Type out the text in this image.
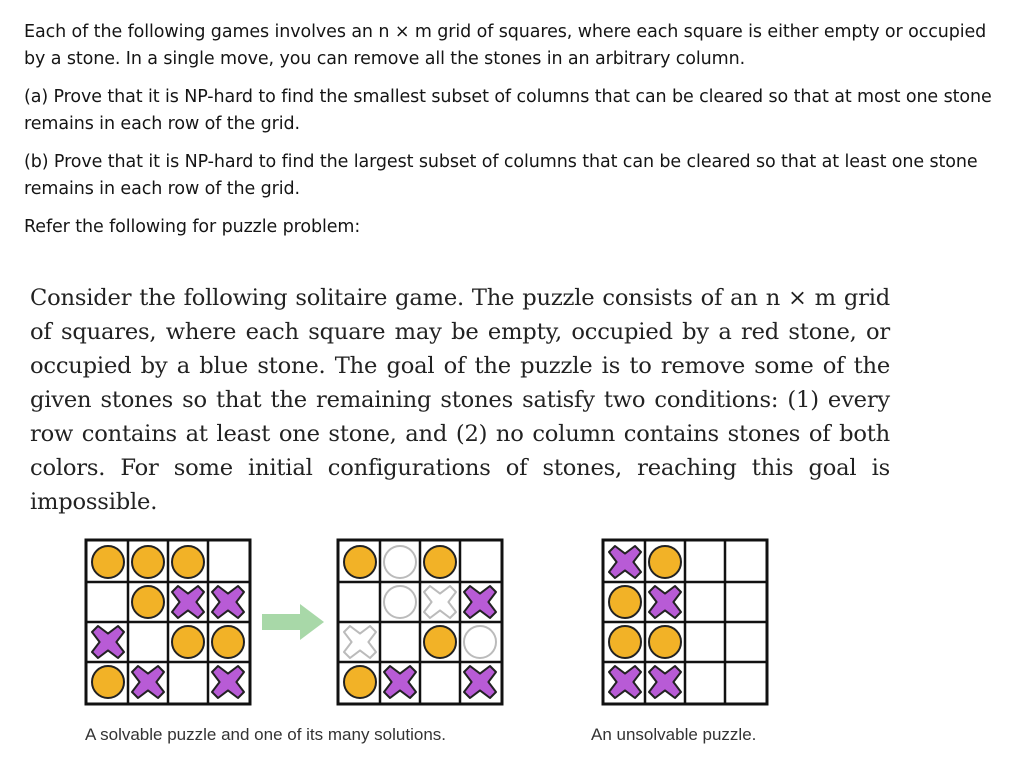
Each of the following games involves an n × m grid of squares, where each square is either empty or occupied by a stone. In a single move, you can remove all the stones in an arbitrary column.
(a) Prove that it is NP-hard to find the smallest subset of columns that can be cleared so that at most one stone remains in each row of the grid.
(b) Prove that it is NP-hard to find the largest subset of columns that can be cleared so that at least one stone remains in each row of the grid.
Refer the following for puzzle problem:
Consider the following solitaire game. The puzzle consists of an n × m grid of squares, where each square may be empty, occupied by a red stone, or occupied by a blue stone. The goal of the puzzle is to remove some of the given stones so that the remaining stones satisfy two conditions: (1) every row contains at least one stone, and (2) no column contains stones of both colors. For some initial configurations of stones, reaching this goal is impossible.
A solvable puzzle and one of its many solutions.	An unsolvable puzzle.
